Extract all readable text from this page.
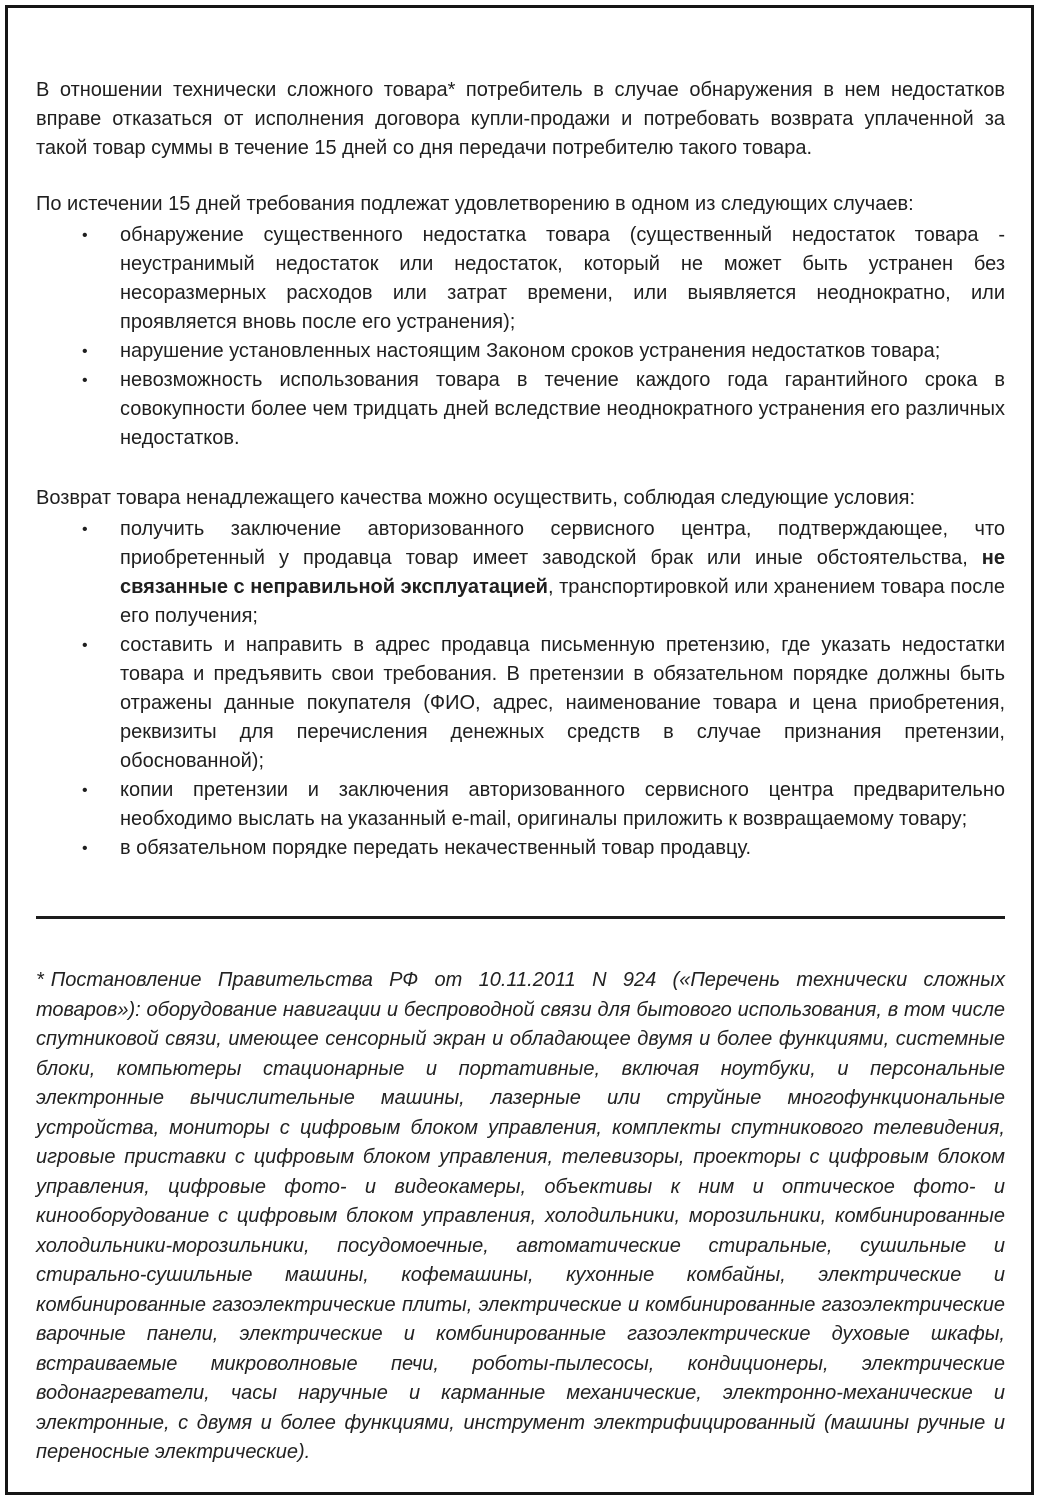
В отношении технически сложного товара* потребитель в случае обнаружения в нем недостатков вправе отказаться от исполнения договора купли-продажи и потребовать возврата уплаченной за такой товар суммы в течение 15 дней со дня передачи потребителю такого товара.

По истечении 15 дней требования подлежат удовлетворению в одном из следующих случаев:

•	обнаружение существенного недостатка товара (существенный недостаток товара - неустранимый недостаток или недостаток, который не может быть устранен без несоразмерных расходов или затрат времени, или выявляется неоднократно, или проявляется вновь после его устранения);
•	нарушение установленных настоящим Законом сроков устранения недостатков товара;
•	невозможность использования товара в течение каждого года гарантийного срока в совокупности более чем тридцать дней вследствие неоднократного устранения его различных недостатков.

Возврат товара ненадлежащего качества можно осуществить, соблюдая следующие условия:

•	получить заключение авторизованного сервисного центра, подтверждающее, что приобретенный у продавца товар имеет заводской брак или иные обстоятельства, не связанные с неправильной эксплуатацией, транспортировкой или хранением товара после его получения;
•	составить и направить в адрес продавца письменную претензию, где указать недостатки товара и предъявить свои требования. В претензии в обязательном порядке должны быть отражены данные покупателя (ФИО, адрес, наименование товара и цена приобретения, реквизиты для перечисления денежных средств в случае признания претензии, обоснованной);
•	копии претензии и заключения авторизованного сервисного центра предварительно необходимо выслать на указанный e-mail, оригиналы приложить к возвращаемому товару;
•	в обязательном порядке передать некачественный товар продавцу.

* Постановление Правительства РФ от 10.11.2011 N 924 («Перечень технически сложных товаров»): оборудование навигации и беспроводной связи для бытового использования, в том числе спутниковой связи, имеющее сенсорный экран и обладающее двумя и более функциями, системные блоки, компьютеры стационарные и портативные, включая ноутбуки, и персональные электронные вычислительные машины, лазерные или струйные многофункциональные устройства, мониторы с цифровым блоком управления, комплекты спутникового телевидения, игровые приставки с цифровым блоком управления, телевизоры, проекторы с цифровым блоком управления, цифровые фото- и видеокамеры, объективы к ним и оптическое фото- и кинооборудование с цифровым блоком управления, холодильники, морозильники, комбинированные холодильники-морозильники, посудомоечные, автоматические стиральные, сушильные и стирально-сушильные машины, кофемашины, кухонные комбайны, электрические и комбинированные газоэлектрические плиты, электрические и комбинированные газоэлектрические варочные панели, электрические и комбинированные газоэлектрические духовые шкафы, встраиваемые микроволновые печи, роботы-пылесосы, кондиционеры, электрические водонагреватели, часы наручные и карманные механические, электронно-механические и электронные, с двумя и более функциями, инструмент электрифицированный (машины ручные и переносные электрические).
